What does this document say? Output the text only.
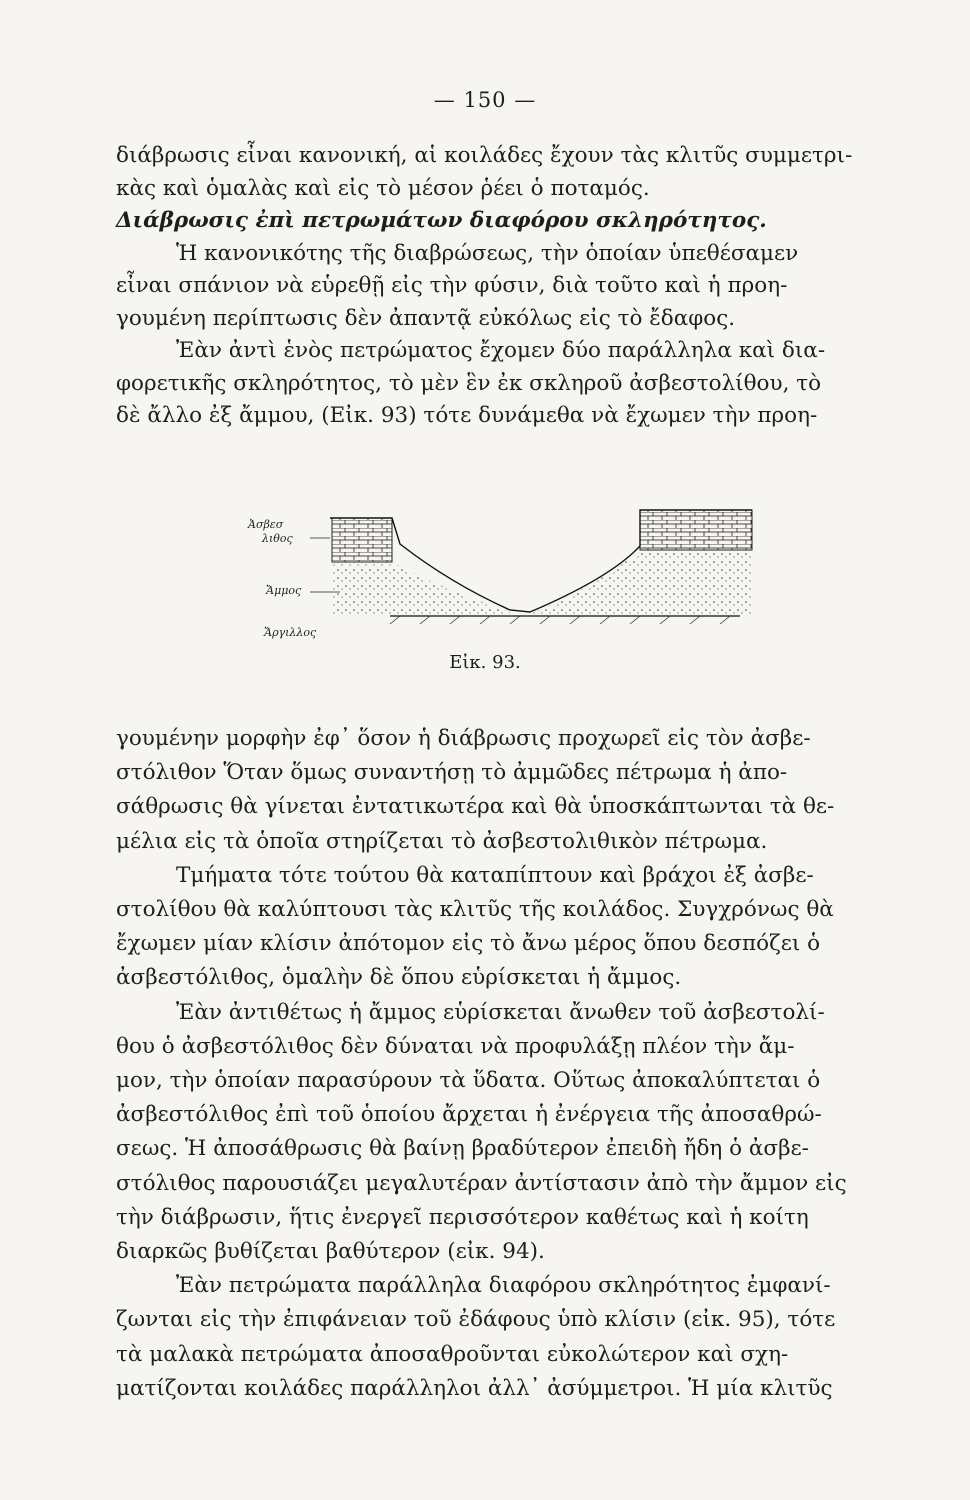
— 150 —
διάβρωσις εἶναι κανονική, αἱ κοιλάδες ἔχουν τὰς κλιτῦς συμμετρι-
κὰς καὶ ὁμαλὰς καὶ εἰς τὸ μέσον ῥέει ὁ ποταμός.
Διάβρωσις ἐπὶ πετρωμάτων διαφόρου σκληρότητος.
Ἡ κανονικότης τῆς διαβρώσεως, τὴν ὁποίαν ὑπεθέσαμεν
εἶναι σπάνιον νὰ εὑρεθῇ εἰς τὴν φύσιν, διὰ τοῦτο καὶ ἡ προη-
γουμένη περίπτωσις δὲν ἀπαντᾷ εὐκόλως εἰς τὸ ἔδαφος.
Ἐὰν ἀντὶ ἑνὸς πετρώματος ἔχομεν δύο παράλληλα καὶ δια-
φορετικῆς σκληρότητος, τὸ μὲν ἓν ἐκ σκληροῦ ἀσβεστολίθου, τὸ
δὲ ἄλλο ἐξ ἄμμου, (Εἰκ. 93) τότε δυνάμεθα νὰ ἔχωμεν τὴν προη-
Ἀσβεσ
λιθος
Ἄμμος
Ἄργιλλος
Εἰκ. 93.
γουμένην μορφὴν ἐφ᾽ ὅσον ἡ διάβρωσις προχωρεῖ εἰς τὸν ἀσβε-
στόλιθον Ὅταν ὅμως συναντήσῃ τὸ ἀμμῶδες πέτρωμα ἡ ἀπο-
σάθρωσις θὰ γίνεται ἐντατικωτέρα καὶ θὰ ὑποσκάπτωνται τὰ θε-
μέλια εἰς τὰ ὁποῖα στηρίζεται τὸ ἀσβεστολιθικὸν πέτρωμα.
Τμήματα τότε τούτου θὰ καταπίπτουν καὶ βράχοι ἐξ ἀσβε-
στολίθου θὰ καλύπτουσι τὰς κλιτῦς τῆς κοιλάδος. Συγχρόνως θὰ
ἔχωμεν μίαν κλίσιν ἀπότομον εἰς τὸ ἄνω μέρος ὅπου δεσπόζει ὁ
ἀσβεστόλιθος, ὁμαλὴν δὲ ὅπου εὑρίσκεται ἡ ἄμμος.
Ἐὰν ἀντιθέτως ἡ ἄμμος εὑρίσκεται ἄνωθεν τοῦ ἀσβεστολί-
θου ὁ ἀσβεστόλιθος δὲν δύναται νὰ προφυλάξῃ πλέον τὴν ἄμ-
μον, τὴν ὁποίαν παρασύρουν τὰ ὕδατα. Οὕτως ἀποκαλύπτεται ὁ
ἀσβεστόλιθος ἐπὶ τοῦ ὁποίου ἄρχεται ἡ ἐνέργεια τῆς ἀποσαθρώ-
σεως. Ἡ ἀποσάθρωσις θὰ βαίνῃ βραδύτερον ἐπειδὴ ἤδη ὁ ἀσβε-
στόλιθος παρουσιάζει μεγαλυτέραν ἀντίστασιν ἀπὸ τὴν ἄμμον εἰς
τὴν διάβρωσιν, ἥτις ἐνεργεῖ περισσότερον καθέτως καὶ ἡ κοίτη
διαρκῶς βυθίζεται βαθύτερον (εἰκ. 94).
Ἐὰν πετρώματα παράλληλα διαφόρου σκληρότητος ἐμφανί-
ζωνται εἰς τὴν ἐπιφάνειαν τοῦ ἐδάφους ὑπὸ κλίσιν (εἰκ. 95), τότε
τὰ μαλακὰ πετρώματα ἀποσαθροῦνται εὐκολώτερον καὶ σχη-
ματίζονται κοιλάδες παράλληλοι ἀλλ᾽ ἀσύμμετροι. Ἡ μία κλιτῦς
